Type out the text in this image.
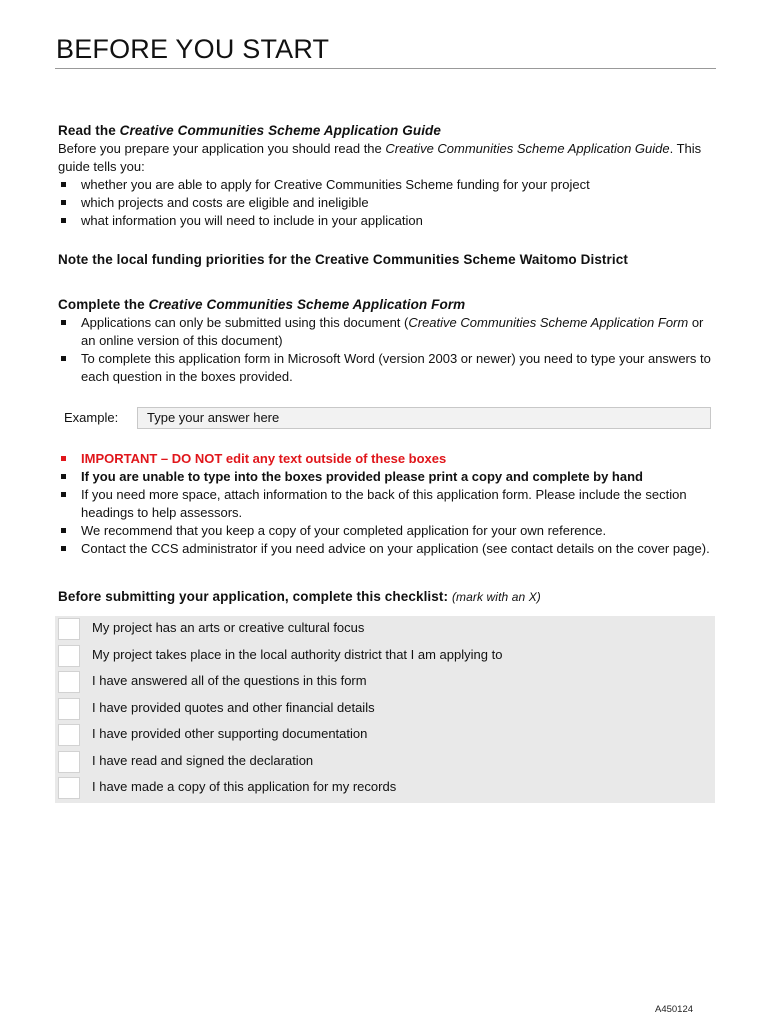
BEFORE YOU START

Read the Creative Communities Scheme Application Guide

Before you prepare your application you should read the Creative Communities Scheme Application Guide. This guide tells you:

whether you are able to apply for Creative Communities Scheme funding for your project
which projects and costs are eligible and ineligible
what information you will need to include in your application

Note the local funding priorities for the Creative Communities Scheme Waitomo District

Complete the Creative Communities Scheme Application Form

Applications can only be submitted using this document (Creative Communities Scheme Application Form or an online version of this document)
To complete this application form in Microsoft Word (version 2003 or newer) you need to type your answers to each question in the boxes provided.
Example: Type your answer here
IMPORTANT – DO NOT edit any text outside of these boxes
If you are unable to type into the boxes provided please print a copy and complete by hand
If you need more space, attach information to the back of this application form. Please include the section headings to help assessors.
We recommend that you keep a copy of your completed application for your own reference.
Contact the CCS administrator if you need advice on your application (see contact details on the cover page).

Before submitting your application, complete this checklist: (mark with an X)

My project has an arts or creative cultural focus
My project takes place in the local authority district that I am applying to
I have answered all of the questions in this form
I have provided quotes and other financial details
I have provided other supporting documentation
I have read and signed the declaration
I have made a copy of this application for my records
A450124
